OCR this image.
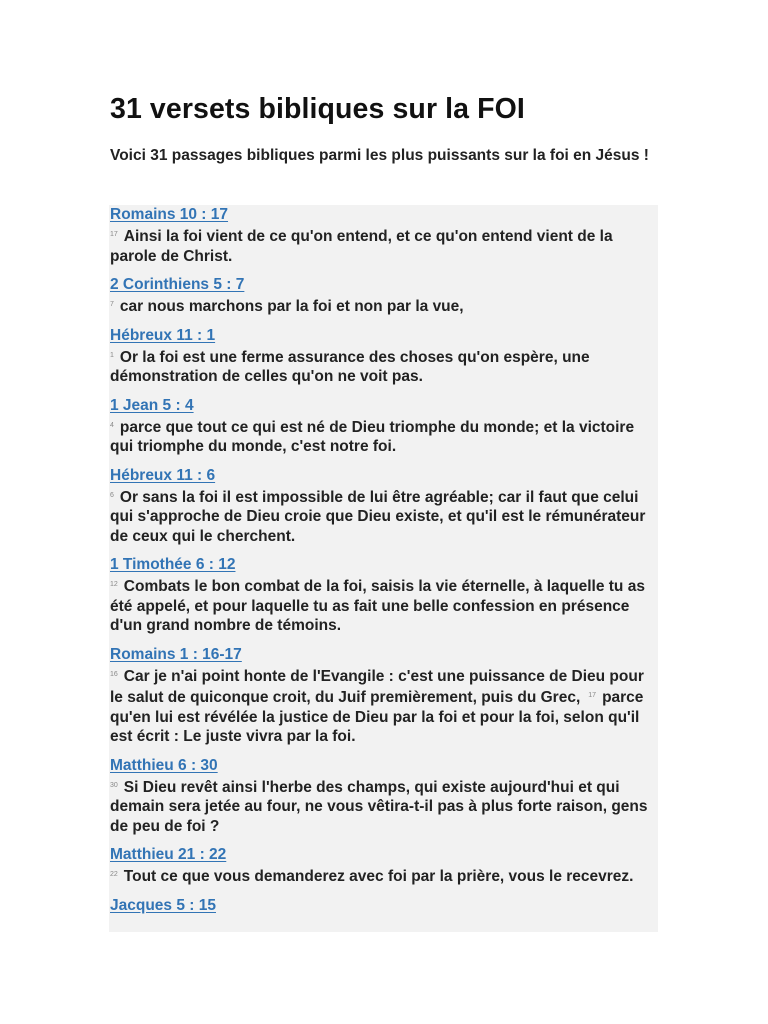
31 versets bibliques sur la FOI

Voici 31 passages bibliques parmi les plus puissants sur la foi en Jésus !

Romains 10 : 17

$^{17}$ Ainsi la foi vient de ce qu'on entend, et ce qu'on entend vient de la parole de Christ.

2 Corinthiens 5 : 7

$^7$ car nous marchons par la foi et non par la vue,

Hébreux 11 : 1

$^1$ Or la foi est une ferme assurance des choses qu'on espère, une démonstration de celles qu'on ne voit pas.

1 Jean 5 : 4

$^4$ parce que tout ce qui est né de Dieu triomphe du monde; et la victoire qui triomphe du monde, c'est notre foi.

Hébreux 11 : 6

$^6$ Or sans la foi il est impossible de lui être agréable; car il faut que celui qui s'approche de Dieu croie que Dieu existe, et qu'il est le rémunérateur de ceux qui le cherchent.

1 Timothée 6 : 12

$^{12}$ Combats le bon combat de la foi, saisis la vie éternelle, à laquelle tu as été appelé, et pour laquelle tu as fait une belle confession en présence d'un grand nombre de témoins.

Romains 1 : 16-17

$^{16}$ Car je n'ai point honte de l'Evangile : c'est une puissance de Dieu pour le salut de quiconque croit, du Juif premièrement, puis du Grec, $^{17}$ parce qu'en lui est révélée la justice de Dieu par la foi et pour la foi, selon qu'il est écrit : Le juste vivra par la foi.

Matthieu 6 : 30

$^{30}$ Si Dieu revêt ainsi l'herbe des champs, qui existe aujourd'hui et qui demain sera jetée au four, ne vous vêtira-t-il pas à plus forte raison, gens de peu de foi ?

Matthieu 21 : 22

$^{22}$ Tout ce que vous demanderez avec foi par la prière, vous le recevrez.

Jacques 5 : 15
